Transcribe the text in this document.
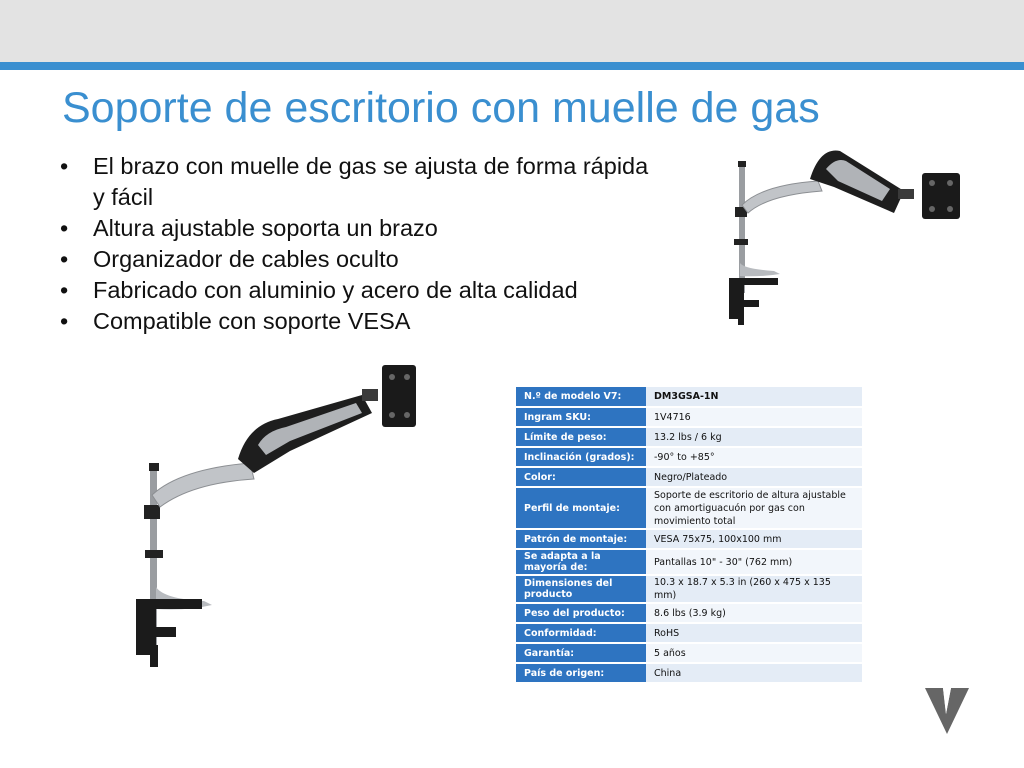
Soporte de escritorio con muelle de gas
• El brazo con muelle de gas se ajusta de forma rápida y fácil
• Altura ajustable soporta un brazo
• Organizador de cables oculto
• Fabricado con aluminio y acero de alta calidad
• Compatible con soporte VESA
N.º de modelo V7:	DM3GSA-1N
Ingram SKU:	1V4716
Límite de peso:	13.2 lbs / 6 kg
Inclinación (grados):	-90° to +85°
Color:	Negro/Plateado
Perfil de montaje:	Soporte de escritorio de altura ajustable con amortiguacuón por gas con movimiento total
Patrón de montaje:	VESA 75x75, 100x100 mm
Se adapta a la mayoría de:	Pantallas 10" - 30" (762 mm)
Dimensiones del producto	10.3 x 18.7 x 5.3 in (260 x 475 x 135 mm)
Peso del producto:	8.6 lbs (3.9 kg)
Conformidad:	RoHS
Garantía:	5 años
País de origen:	China
